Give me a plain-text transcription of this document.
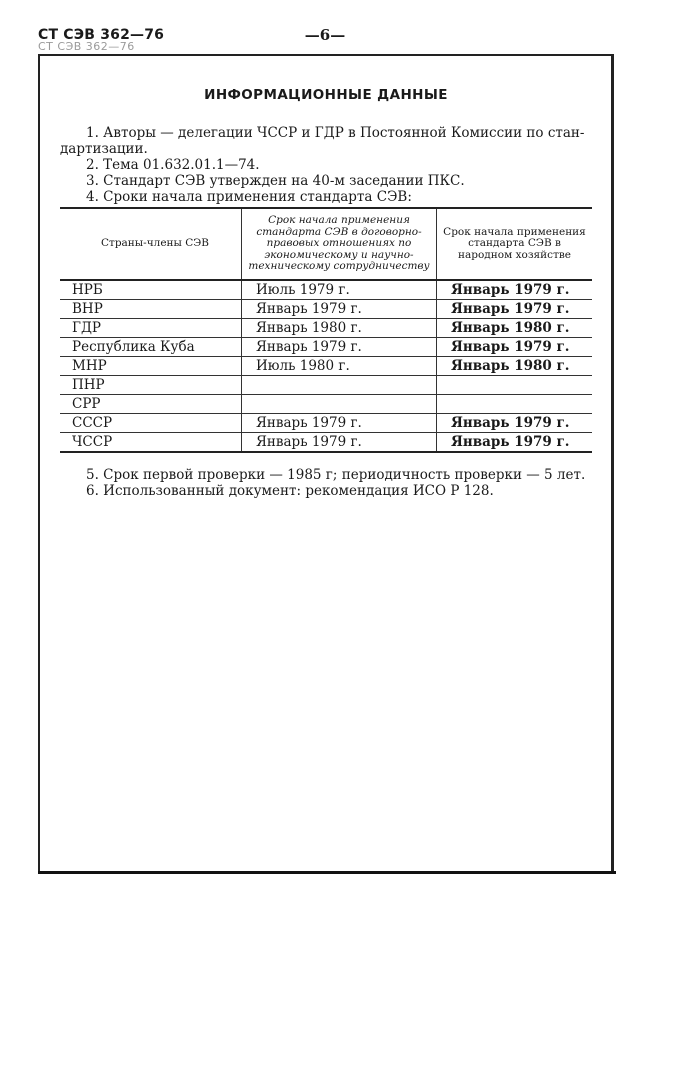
СТ СЭВ 362—76
СТ СЭВ 362—76
—6—
ИНФОРМАЦИОННЫЕ ДАННЫЕ
1. Авторы — делегации ЧССР и ГДР в Постоянной Комиссии по стан-
дартизации.
2. Тема 01.632.01.1—74.
3. Стандарт СЭВ утвержден на 40-м заседании ПКС.
4. Сроки начала применения стандарта СЭВ:
Страны-члены СЭВ	Срок начала применения стандарта СЭВ в договорно-правовых отношениях по экономическому и научно-техническому сотрудничеству	Срок начала применения стандарта СЭВ в народном хозяйстве
НРБ	Июль 1979 г.	Январь 1979 г.
ВНР	Январь 1979 г.	Январь 1979 г.
ГДР	Январь 1980 г.	Январь 1980 г.
Республика Куба	Январь 1979 г.	Январь 1979 г.
МНР	Июль 1980 г.	Январь 1980 г.
ПНР		
СРР		
СССР	Январь 1979 г.	Январь 1979 г.
ЧССР	Январь 1979 г.	Январь 1979 г.
5. Срок первой проверки — 1985 г; периодичность проверки — 5 лет.
6. Использованный документ: рекомендация ИСО Р 128.
